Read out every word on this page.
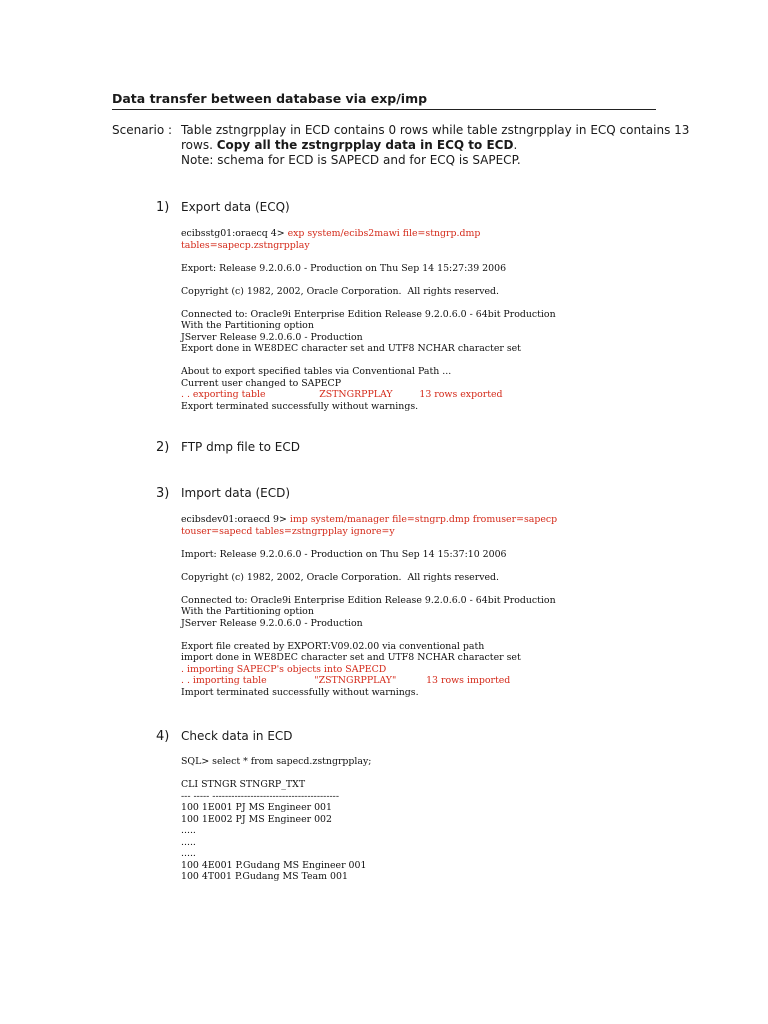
Data transfer between database via exp/imp
Scenario : Table zstngrpplay in ECD contains 0 rows while table zstngrpplay in ECQ contains 13
rows. Copy all the zstngrpplay data in ECQ to ECD.
Note: schema for ECD is SAPECD and for ECQ is SAPECP.
1) Export data (ECQ)
ecibsstg01:oraecq 4> exp system/ecibs2mawi file=stngrp.dmp
tables=sapecp.zstngrpplay
Export: Release 9.2.0.6.0 - Production on Thu Sep 14 15:27:39 2006
Copyright (c) 1982, 2002, Oracle Corporation.  All rights reserved.
Connected to: Oracle9i Enterprise Edition Release 9.2.0.6.0 - 64bit Production
With the Partitioning option
JServer Release 9.2.0.6.0 - Production
Export done in WE8DEC character set and UTF8 NCHAR character set
About to export specified tables via Conventional Path ...
Current user changed to SAPECP
. . exporting table                  ZSTNGRPPLAY         13 rows exported
Export terminated successfully without warnings.
2) FTP dmp file to ECD
3) Import data (ECD)
ecibsdev01:oraecd 9> imp system/manager file=stngrp.dmp fromuser=sapecp
touser=sapecd tables=zstngrpplay ignore=y
Import: Release 9.2.0.6.0 - Production on Thu Sep 14 15:37:10 2006
Copyright (c) 1982, 2002, Oracle Corporation.  All rights reserved.
Connected to: Oracle9i Enterprise Edition Release 9.2.0.6.0 - 64bit Production
With the Partitioning option
JServer Release 9.2.0.6.0 - Production
Export file created by EXPORT:V09.02.00 via conventional path
import done in WE8DEC character set and UTF8 NCHAR character set
. importing SAPECP's objects into SAPECD
. . importing table                "ZSTNGRPPLAY"          13 rows imported
Import terminated successfully without warnings.
4) Check data in ECD
SQL> select * from sapecd.zstngrpplay;
CLI STNGR STNGRP_TXT
--- ----- ----------------------------------------
100 1E001 PJ MS Engineer 001
100 1E002 PJ MS Engineer 002
.....
.....
.....
100 4E001 P.Gudang MS Engineer 001
100 4T001 P.Gudang MS Team 001
